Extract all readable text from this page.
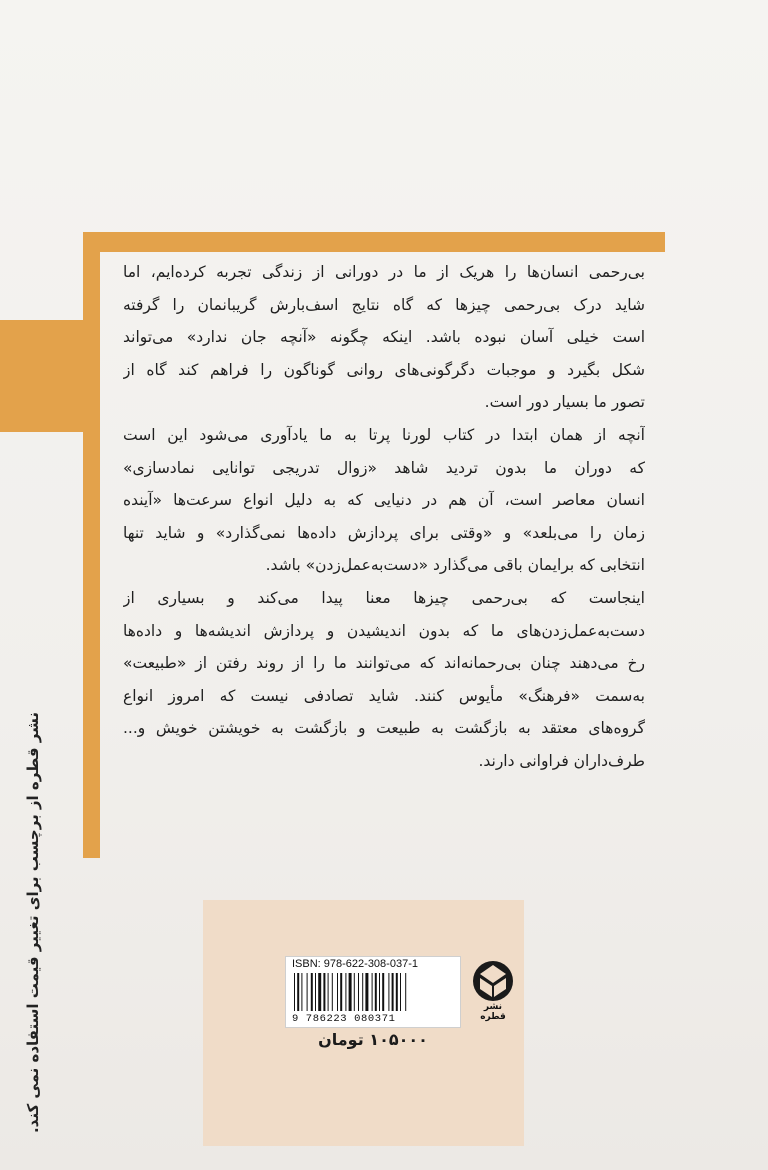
بی‌رحمی انسان‌ها را هریک از ما در دورانی از زندگی تجربه کرده‌ایم، اما
شاید درک بی‌رحمی چیزها که گاه نتایج اسف‌بارش گریبانمان را گرفته
است خیلی آسان نبوده باشد. اینکه چگونه «آنچه جان ندارد» می‌تواند
شکل بگیرد و موجبات دگرگونی‌های روانی گوناگون را فراهم کند گاه از
تصور ما بسیار دور است.
آنچه از همان ابتدا در کتاب لورنا پرتا به ما یادآوری می‌شود این است
که دوران ما بدون تردید شاهد «زوال تدریجی توانایی نمادسازی»
انسان معاصر است، آن هم در دنیایی که به دلیل انواع سرعت‌ها «آینده
زمان را می‌بلعد» و «وقتی برای پردازش داده‌ها نمی‌گذارد» و شاید تنها
انتخابی که برایمان باقی می‌گذارد «دست‌به‌عمل‌زدن» باشد.
اینجاست که بی‌رحمی چیزها معنا پیدا می‌کند و بسیاری از
دست‌به‌عمل‌زدن‌های ما که بدون اندیشیدن و پردازش اندیشه‌ها و داده‌ها
رخ می‌دهند چنان بی‌رحمانه‌اند که می‌توانند ما را از روند رفتن از «طبیعت»
به‌سمت «فرهنگ» مأیوس کنند. شاید تصادفی نیست که امروز انواع
گروه‌های معتقد به بازگشت به طبیعت و بازگشت به خویشتن خویش و...
طرف‌داران فراوانی دارند.
نشر قطره از برچسب برای تغییر قیمت استفاده نمی کند.	ISBN: 978-622-308-037-1
9 786223 080371
نشر قطره
۱۰۵۰۰۰ تومان
